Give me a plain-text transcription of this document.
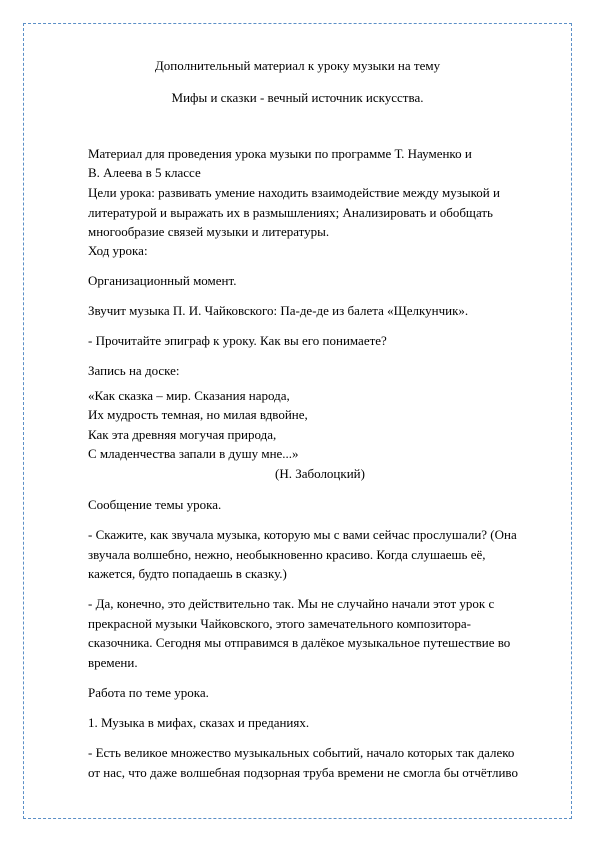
Дополнительный материал к уроку музыки на тему
Мифы и сказки - вечный источник искусства.
Материал для проведения урока музыки по программе Т. Науменко и
В. Алеева в 5 классе
Цели урока: развивать умение находить взаимодействие между музыкой и
литературой и выражать их в размышлениях; Анализировать и обобщать
многообразие связей музыки и литературы.
Ход урока:
Организационный момент.
Звучит музыка П. И. Чайковского: Па-де-де из балета «Щелкунчик».
- Прочитайте эпиграф к уроку. Как вы его понимаете?
Запись на доске:
«Как сказка – мир. Сказания народа,
Их мудрость темная, но милая вдвойне,
Как эта древняя могучая природа,
С младенчества запали в душу мне...»
(Н. Заболоцкий)
Сообщение темы урока.
- Скажите, как звучала музыка, которую мы с вами сейчас прослушали? (Она
звучала волшебно, нежно, необыкновенно красиво. Когда слушаешь её,
кажется, будто попадаешь в сказку.)
- Да, конечно, это действительно так. Мы не случайно начали этот урок с
прекрасной музыки Чайковского, этого замечательного композитора-
сказочника. Сегодня мы отправимся в далёкое музыкальное путешествие во
времени.
Работа по теме урока.
1. Музыка в мифах, сказах и преданиях.
- Есть великое множество музыкальных событий, начало которых так далеко
от нас, что даже волшебная подзорная труба времени не смогла бы отчётливо
